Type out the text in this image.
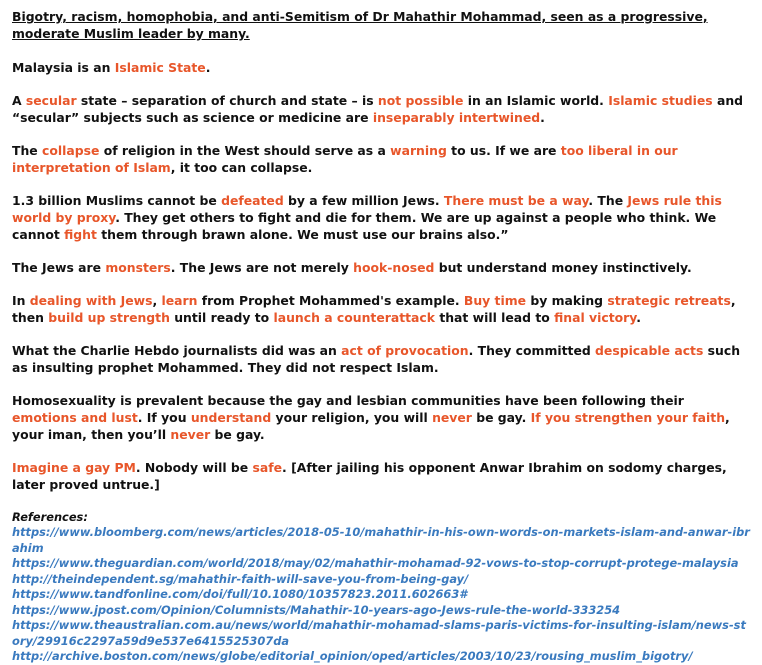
Bigotry, racism, homophobia, and anti-Semitism of Dr Mahathir Mohammad, seen as a progressive, moderate Muslim leader by many.

Malaysia is an Islamic State.

A secular state – separation of church and state – is not possible in an Islamic world. Islamic studies and “secular” subjects such as science or medicine are inseparably intertwined.

The collapse of religion in the West should serve as a warning to us. If we are too liberal in our interpretation of Islam, it too can collapse.

1.3 billion Muslims cannot be defeated by a few million Jews. There must be a way. The Jews rule this world by proxy. They get others to fight and die for them. We are up against a people who think. We cannot fight them through brawn alone. We must use our brains also.”

The Jews are monsters. The Jews are not merely hook-nosed but understand money instinctively.

In dealing with Jews, learn from Prophet Mohammed's example. Buy time by making strategic retreats, then build up strength until ready to launch a counterattack that will lead to final victory.

What the Charlie Hebdo journalists did was an act of provocation. They committed despicable acts such as insulting prophet Mohammed. They did not respect Islam.

Homosexuality is prevalent because the gay and lesbian communities have been following their emotions and lust. If you understand your religion, you will never be gay. If you strengthen your faith, your iman, then you’ll never be gay.

Imagine a gay PM. Nobody will be safe. [After jailing his opponent Anwar Ibrahim on sodomy charges, later proved untrue.]

References:

https://www.bloomberg.com/news/articles/2018-05-10/mahathir-in-his-own-words-on-markets-islam-and-anwar-ibrahim
https://www.theguardian.com/world/2018/may/02/mahathir-mohamad-92-vows-to-stop-corrupt-protege-malaysia
http://theindependent.sg/mahathir-faith-will-save-you-from-being-gay/
https://www.tandfonline.com/doi/full/10.1080/10357823.2011.602663#
https://www.jpost.com/Opinion/Columnists/Mahathir-10-years-ago-Jews-rule-the-world-333254
https://www.theaustralian.com.au/news/world/mahathir-mohamad-slams-paris-victims-for-insulting-islam/news-story/29916c2297a59d9e537e6415525307da
http://archive.boston.com/news/globe/editorial_opinion/oped/articles/2003/10/23/rousing_muslim_bigotry/
